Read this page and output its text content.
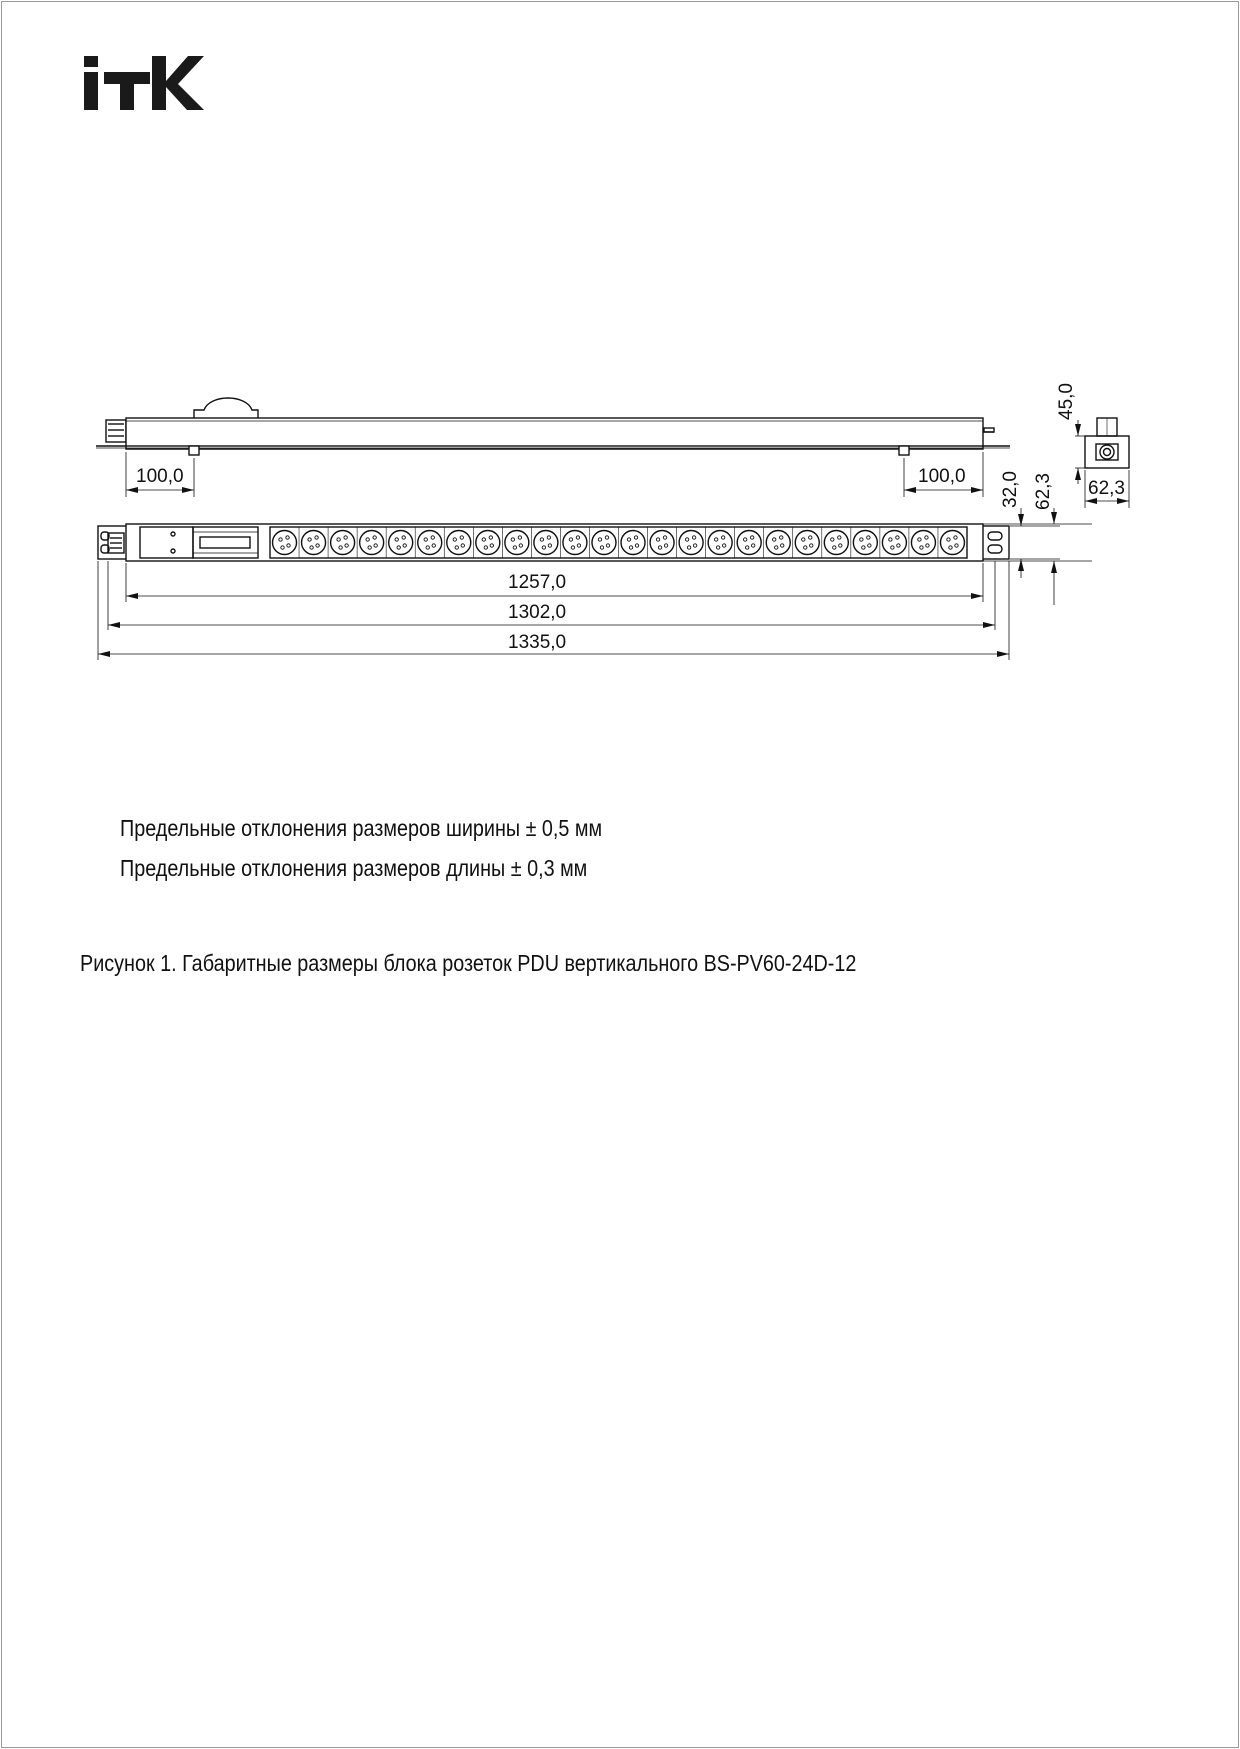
100,0	100,0
45,0
32,0 62,3 62,3
1257,0
1302,0
1335,0
Предельные отклонения размеров ширины ± 0,5 мм
Предельные отклонения размеров длины ± 0,3 мм
Рисунок 1. Габаритные размеры блока розеток PDU вертикального BS-PV60-24D-12
